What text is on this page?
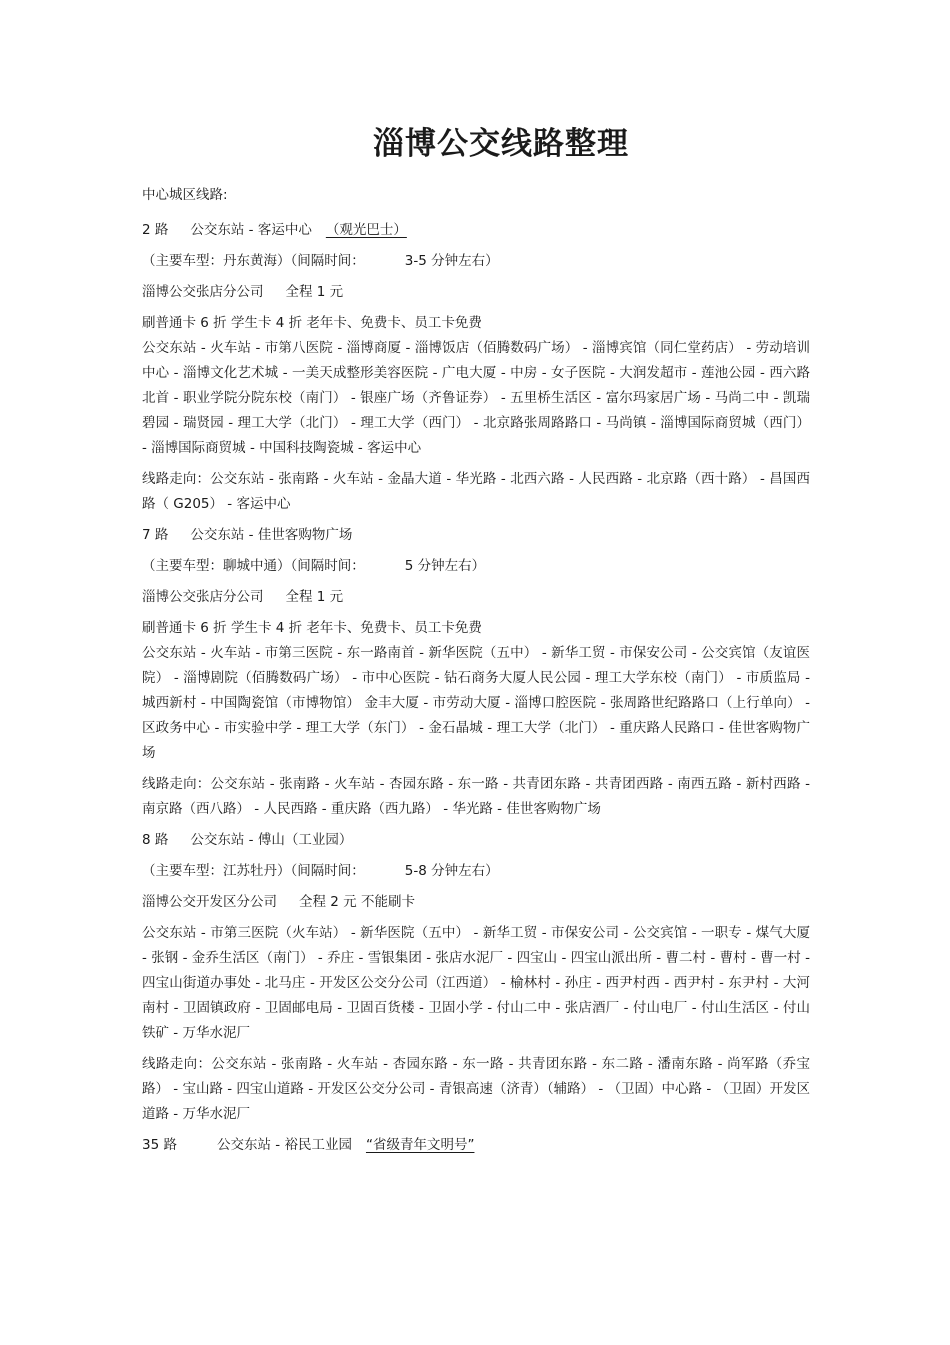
淄博公交线路整理

中心城区线路:

2 路 公交东站 - 客运中心 （观光巴士）

（主要车型：丹东黄海）（间隔时间：	3-5 分钟左右）

淄博公交张店分公司 全程 1 元

刷普通卡 6 折 学生卡 4 折 老年卡、免费卡、员工卡免费

公交东站 - 火车站 - 市第八医院 - 淄博商厦 - 淄博饭店（佰腾数码广场） - 淄博宾馆（同仁堂药店） - 劳动培训中心 - 淄博文化艺术城 - 一美天成整形美容医院 - 广电大厦 - 中房 - 女子医院 - 大润发超市 - 莲池公园 - 西六路北首 - 职业学院分院东校（南门） - 银座广场（齐鲁证券） - 五里桥生活区 - 富尔玛家居广场 - 马尚二中 - 凯瑞碧园 - 瑞贤园 - 理工大学（北门） - 理工大学（西门） - 北京路张周路路口 - 马尚镇 - 淄博国际商贸城（西门） - 淄博国际商贸城 - 中国科技陶瓷城 - 客运中心

线路走向：公交东站 - 张南路 - 火车站 - 金晶大道 - 华光路 - 北西六路 - 人民西路 - 北京路（西十路） - 昌国西路（ G205） - 客运中心

7 路 公交东站 - 佳世客购物广场

（主要车型：聊城中通）（间隔时间：	5 分钟左右）

淄博公交张店分公司 全程 1 元

刷普通卡 6 折 学生卡 4 折 老年卡、免费卡、员工卡免费

公交东站 - 火车站 - 市第三医院 - 东一路南首 - 新华医院（五中） - 新华工贸 - 市保安公司 - 公交宾馆（友谊医院） - 淄博剧院（佰腾数码广场） - 市中心医院 - 钻石商务大厦人民公园 - 理工大学东校（南门） - 市质监局 - 城西新村 - 中国陶瓷馆（市博物馆） 金丰大厦 - 市劳动大厦 - 淄博口腔医院 - 张周路世纪路路口（上行单向） - 区政务中心 - 市实验中学 - 理工大学（东门） - 金石晶城 - 理工大学（北门） - 重庆路人民路口 - 佳世客购物广场

线路走向：公交东站 - 张南路 - 火车站 - 杏园东路 - 东一路 - 共青团东路 - 共青团西路 - 南西五路 - 新村西路 - 南京路（西八路） - 人民西路 - 重庆路（西九路） - 华光路 - 佳世客购物广场

8 路 公交东站 - 傅山（工业园）

（主要车型：江苏牡丹）（间隔时间：	5-8 分钟左右）

淄博公交开发区分公司 全程 2 元 不能刷卡

公交东站 - 市第三医院（火车站） - 新华医院（五中） - 新华工贸 - 市保安公司 - 公交宾馆 - 一职专 - 煤气大厦 - 张钢 - 金乔生活区（南门） - 乔庄 - 雪银集团 - 张店水泥厂 - 四宝山 - 四宝山派出所 - 曹二村 - 曹村 - 曹一村 - 四宝山街道办事处 - 北马庄 - 开发区公交分公司（江西道） - 榆林村 - 孙庄 - 西尹村西 - 西尹村 - 东尹村 - 大河南村 - 卫固镇政府 - 卫固邮电局 - 卫固百货楼 - 卫固小学 - 付山二中 - 张店酒厂 - 付山电厂 - 付山生活区 - 付山铁矿 - 万华水泥厂

线路走向：公交东站 - 张南路 - 火车站 - 杏园东路 - 东一路 - 共青团东路 - 东二路 - 潘南东路 - 尚军路（乔宝路） - 宝山路 - 四宝山道路 - 开发区公交分公司 - 青银高速（济青）（辅路） - （卫固）中心路 - （卫固）开发区道路 - 万华水泥厂

35 路	公交东站 - 裕民工业园 “省级青年文明号”
